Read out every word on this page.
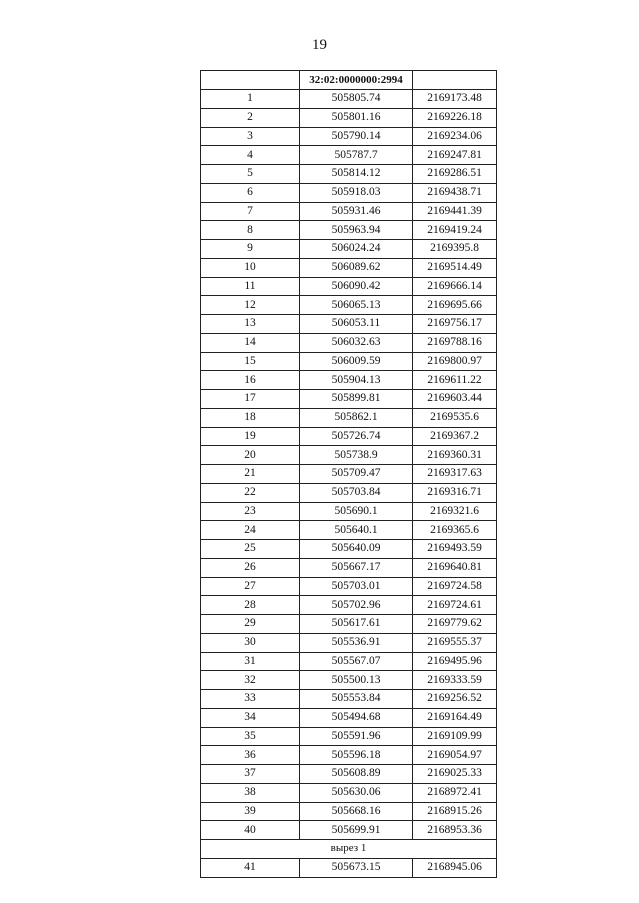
19
	32:02:0000000:2994	
1	505805.74	2169173.48
2	505801.16	2169226.18
3	505790.14	2169234.06
4	505787.7	2169247.81
5	505814.12	2169286.51
6	505918.03	2169438.71
7	505931.46	2169441.39
8	505963.94	2169419.24
9	506024.24	2169395.8
10	506089.62	2169514.49
11	506090.42	2169666.14
12	506065.13	2169695.66
13	506053.11	2169756.17
14	506032.63	2169788.16
15	506009.59	2169800.97
16	505904.13	2169611.22
17	505899.81	2169603.44
18	505862.1	2169535.6
19	505726.74	2169367.2
20	505738.9	2169360.31
21	505709.47	2169317.63
22	505703.84	2169316.71
23	505690.1	2169321.6
24	505640.1	2169365.6
25	505640.09	2169493.59
26	505667.17	2169640.81
27	505703.01	2169724.58
28	505702.96	2169724.61
29	505617.61	2169779.62
30	505536.91	2169555.37
31	505567.07	2169495.96
32	505500.13	2169333.59
33	505553.84	2169256.52
34	505494.68	2169164.49
35	505591.96	2169109.99
36	505596.18	2169054.97
37	505608.89	2169025.33
38	505630.06	2168972.41
39	505668.16	2168915.26
40	505699.91	2168953.36
вырез 1		
41	505673.15	2168945.06
